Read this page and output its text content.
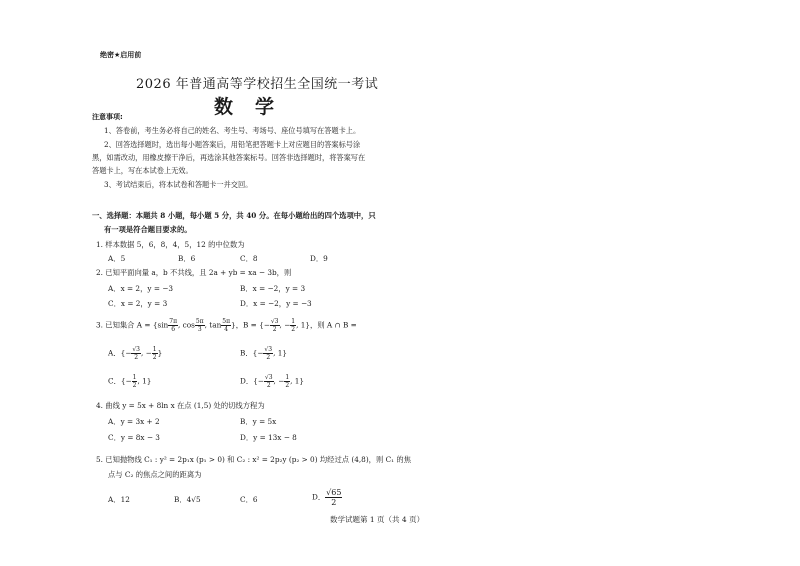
绝密★启用前
2026 年普通高等学校招生全国统一考试
数学
注意事项:
1、答卷前，考生务必将自己的姓名、考生号、考场号、座位号填写在答题卡上。
2、回答选择题时，选出每小题答案后，用铅笔把答题卡上对应题目的答案标号涂
黑，如需改动，用橡皮擦干净后，再选涂其他答案标号。回答非选择题时，将答案写在
答题卡上，写在本试卷上无效。
3、考试结束后，将本试卷和答题卡一并交回。
一、选择题：本题共 8 小题，每小题 5 分，共 40 分。在每小题给出的四个选项中，只
有一项是符合题目要求的。
1. 样本数据 5，6，8，4，5，12 的中位数为
A．5	B．6	C．8	D．9
2. 已知平面向量 a，b 不共线，且 2a + yb = xa − 3b，则
A．x = 2，y = −3	B．x = −2，y = 3
C．x = 2，y = 3	D．x = −2，y = −3
3. 已知集合 $A = \{\sin \frac{7\pi}{6}$ , $\cos \frac{5\pi}{3}$ , $\tan \frac{5\pi}{4}$ }，B = {− $\frac{√3}{2}$ , − $\frac{1}{2}$ , 1}，则 A ∩ B =
A．{− $\frac{√3}{2}$ , − $\frac{1}{2}$ }	B．{− $\frac{√3}{2}$ , 1}
C．{− $\frac{1}{2}$ , 1}	D．{− $\frac{√3}{2}$ , − $\frac{1}{2}$ , 1}
4. 曲线 y = 5x + 8ln x 在点 (1,5) 处的切线方程为
A．y = 3x + 2	B．y = 5x
C．y = 8x − 3	D．y = 13x − 8
5. 已知抛物线 C₁ : y² = 2p₁x (p₁ > 0) 和 C₂ : x² = 2p₂y (p₂ > 0) 均经过点 (4,8)，则 C₁ 的焦
点与 C₂ 的焦点之间的距离为
A．12	B．4√5	C．6	D． $\frac{√65}{2}$
数学试题第 1 页（共 4 页）
